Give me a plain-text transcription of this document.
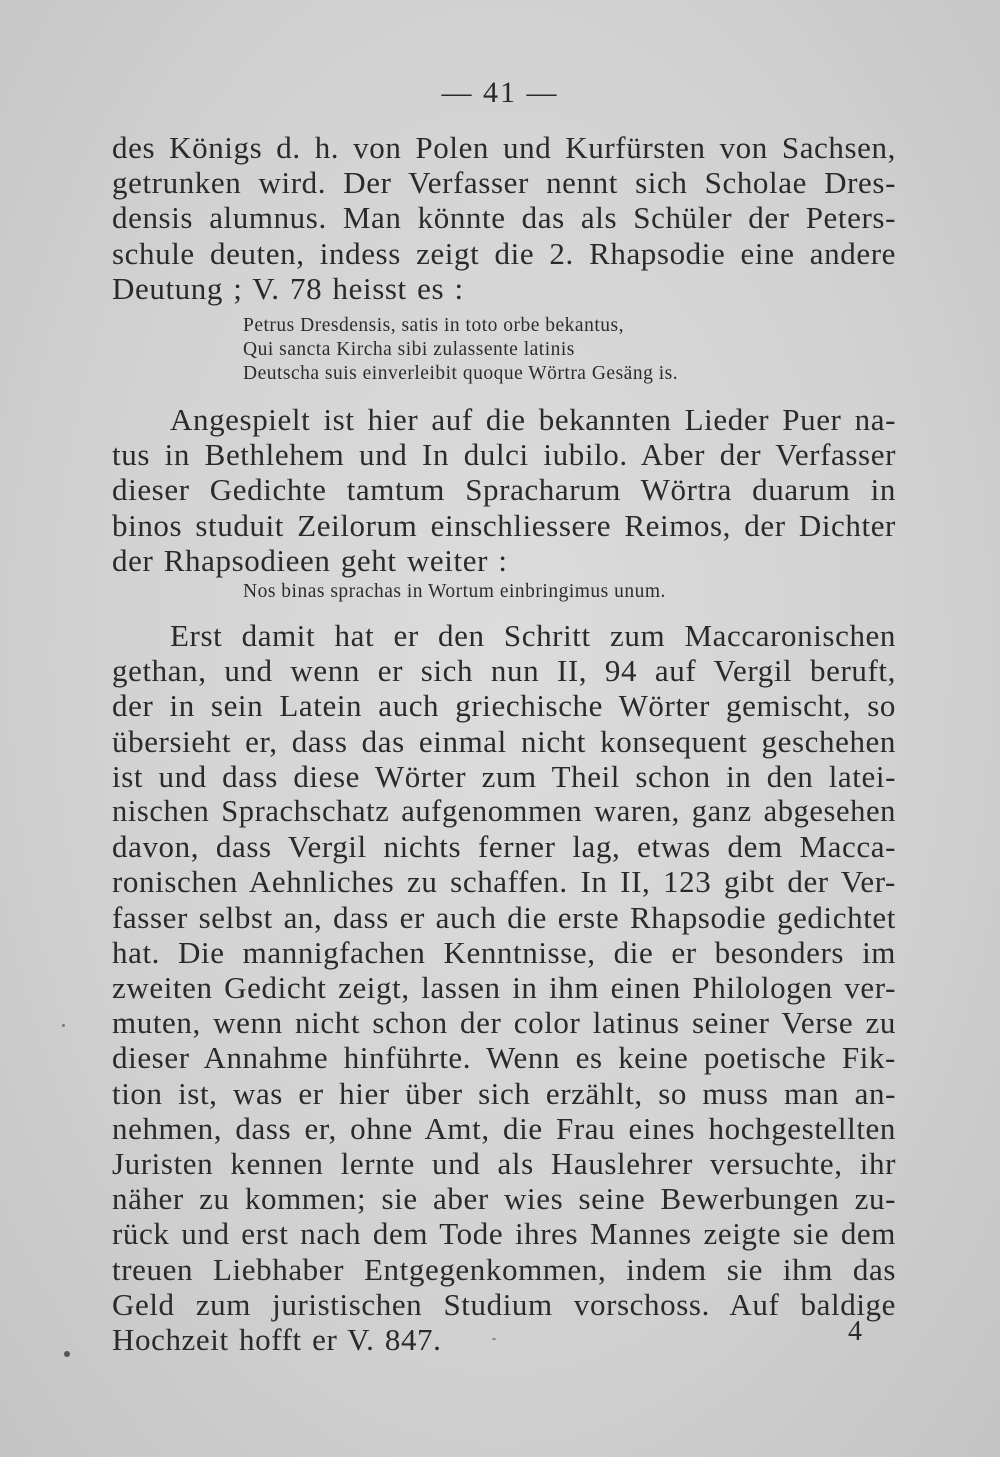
— 41 —
des Königs d. h. von Polen und Kurfürsten von Sachsen,
getrunken wird. Der Verfasser nennt sich Scholae Dres-
densis alumnus. Man könnte das als Schüler der Peters-
schule deuten, indess zeigt die 2. Rhapsodie eine andere
Deutung ; V. 78 heisst es :
Petrus Dresdensis, satis in toto orbe bekantus,
Qui sancta Kircha sibi zulassente latinis
Deutscha suis einverleibit quoque Wörtra Gesäng is.
Angespielt ist hier auf die bekannten Lieder Puer na-
tus in Bethlehem und In dulci iubilo. Aber der Verfasser
dieser Gedichte tamtum Spracharum Wörtra duarum in
binos studuit Zeilorum einschliessere Reimos, der Dichter
der Rhapsodieen geht weiter :
Nos binas sprachas in Wortum einbringimus unum.
Erst damit hat er den Schritt zum Maccaronischen
gethan, und wenn er sich nun II, 94 auf Vergil beruft,
der in sein Latein auch griechische Wörter gemischt, so
übersieht er, dass das einmal nicht konsequent geschehen
ist und dass diese Wörter zum Theil schon in den latei-
nischen Sprachschatz aufgenommen waren, ganz abgesehen
davon, dass Vergil nichts ferner lag, etwas dem Macca-
ronischen Aehnliches zu schaffen. In II, 123 gibt der Ver-
fasser selbst an, dass er auch die erste Rhapsodie gedichtet
hat. Die mannigfachen Kenntnisse, die er besonders im
zweiten Gedicht zeigt, lassen in ihm einen Philologen ver-
muten, wenn nicht schon der color latinus seiner Verse zu
dieser Annahme hinführte. Wenn es keine poetische Fik-
tion ist, was er hier über sich erzählt, so muss man an-
nehmen, dass er, ohne Amt, die Frau eines hochgestellten
Juristen kennen lernte und als Hauslehrer versuchte, ihr
näher zu kommen; sie aber wies seine Bewerbungen zu-
rück und erst nach dem Tode ihres Mannes zeigte sie dem
treuen Liebhaber Entgegenkommen, indem sie ihm das
Geld zum juristischen Studium vorschoss. Auf baldige
Hochzeit hofft er V. 847.	4
